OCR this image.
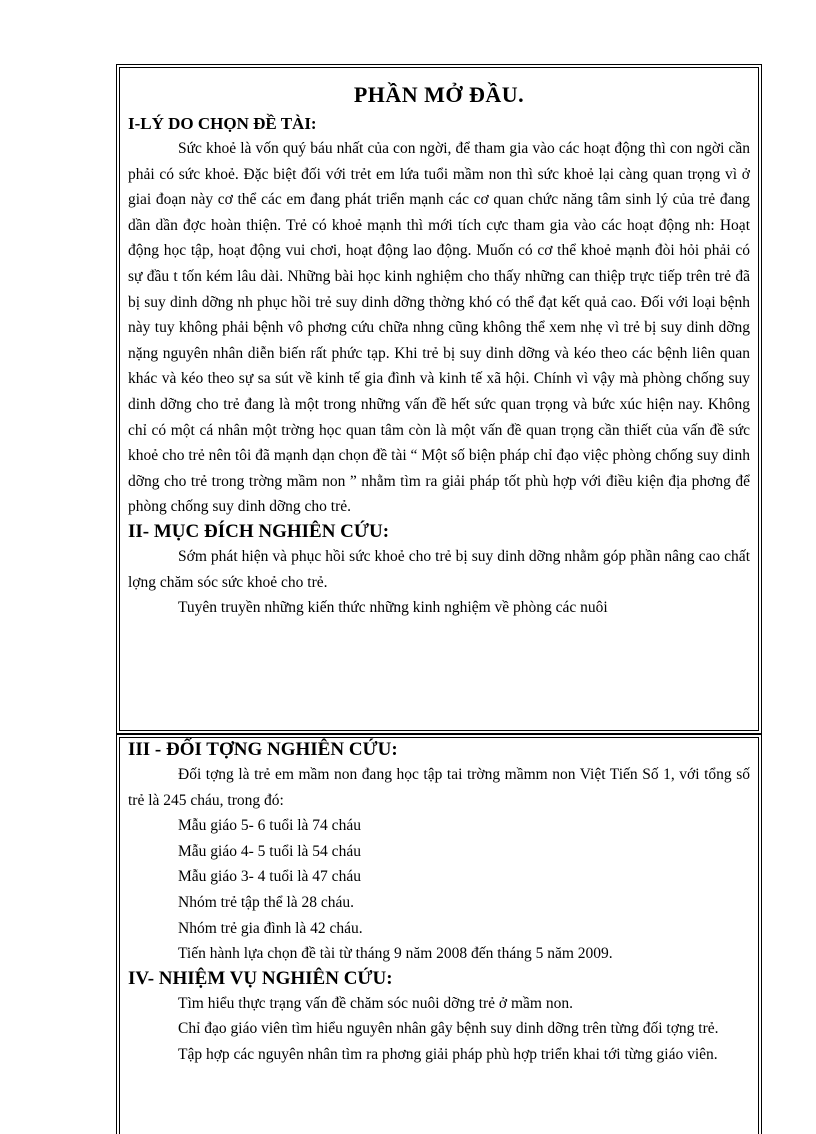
PHẦN MỞ ĐẦU.
I-LÝ DO CHỌN ĐỀ TÀI:

Sức khoẻ là vốn quý báu nhất của con ngời, để tham gia vào các hoạt động thì con ngời cần phải có sức khoẻ. Đặc biệt đối với trẻt em lứa tuổi mầm non thì sức khoẻ lại càng quan trọng vì ở giai đoạn này cơ thể các em đang phát triển mạnh các cơ quan chức năng tâm sinh lý của trẻ đang dần dần đợc hoàn thiện. Trẻ có khoẻ mạnh thì mới tích cực tham gia vào các hoạt động nh: Hoạt động học tập, hoạt động vui chơi, hoạt động lao động. Muốn có cơ thể khoẻ mạnh đòi hỏi phải có sự đầu t tốn kém lâu dài. Những bài học kinh nghiệm cho thấy những can thiệp trực tiếp trên trẻ đã bị suy dinh dỡng nh phục hồi trẻ suy dinh dỡng thờng khó có thể đạt kết quả cao. Đối với loại bệnh này tuy không phải bệnh vô phơng cứu chữa nhng cũng không thể xem nhẹ vì trẻ bị suy dinh dỡng nặng nguyên nhân diễn biến rất phức tạp. Khi trẻ bị suy dinh dỡng và kéo theo các bệnh liên quan khác và kéo theo sự sa sút về kinh tế gia đình và kinh tế xã hội. Chính vì vậy mà phòng chống suy dinh dỡng cho trẻ đang là một trong những vấn đề hết sức quan trọng và bức xúc hiện nay. Không chỉ có một cá nhân một trờng học quan tâm còn là một vấn đề quan trọng cần thiết của vấn đề sức khoẻ cho trẻ nên tôi đã mạnh dạn chọn đề tài “ Một số biện pháp chỉ đạo việc phòng chống suy dinh dỡng cho trẻ trong trờng mầm non ” nhằm tìm ra giải pháp tốt phù hợp với điều kiện địa phơng để phòng chống suy dinh dỡng cho trẻ.

II- MỤC ĐÍCH NGHIÊN CỨU:

Sớm phát hiện và phục hồi sức khoẻ cho trẻ bị suy dinh dỡng nhằm góp phần nâng cao chất lợng chăm sóc sức khoẻ cho trẻ.

Tuyên truyền những kiến thức những kinh nghiệm về phòng các nuôi

III - ĐỐI TỢNG NGHIÊN CỨU:

Đối tợng là trẻ em mầm non đang học tập tai trờng mầmm non Việt Tiến Số 1, với tổng số trẻ là 245 cháu, trong đó:

Mẫu giáo 5- 6 tuổi là 74 cháu

Mẫu giáo 4- 5 tuổi là 54 cháu

Mẫu giáo 3- 4 tuổi là 47 cháu

Nhóm trẻ tập thể là 28 cháu.

Nhóm trẻ gia đình là 42 cháu.

Tiến hành lựa chọn đề tài từ tháng 9 năm 2008 đến tháng 5 năm 2009.

IV- NHIỆM VỤ NGHIÊN CỨU:

Tìm hiểu thực trạng vấn đề chăm sóc nuôi dỡng trẻ ở mầm non.

Chỉ đạo giáo viên tìm hiểu nguyên nhân gây bệnh suy dinh dỡng trên từng đối tợng trẻ.

Tập hợp các nguyên nhân tìm ra phơng giải pháp phù hợp triển khai tới từng giáo viên.
